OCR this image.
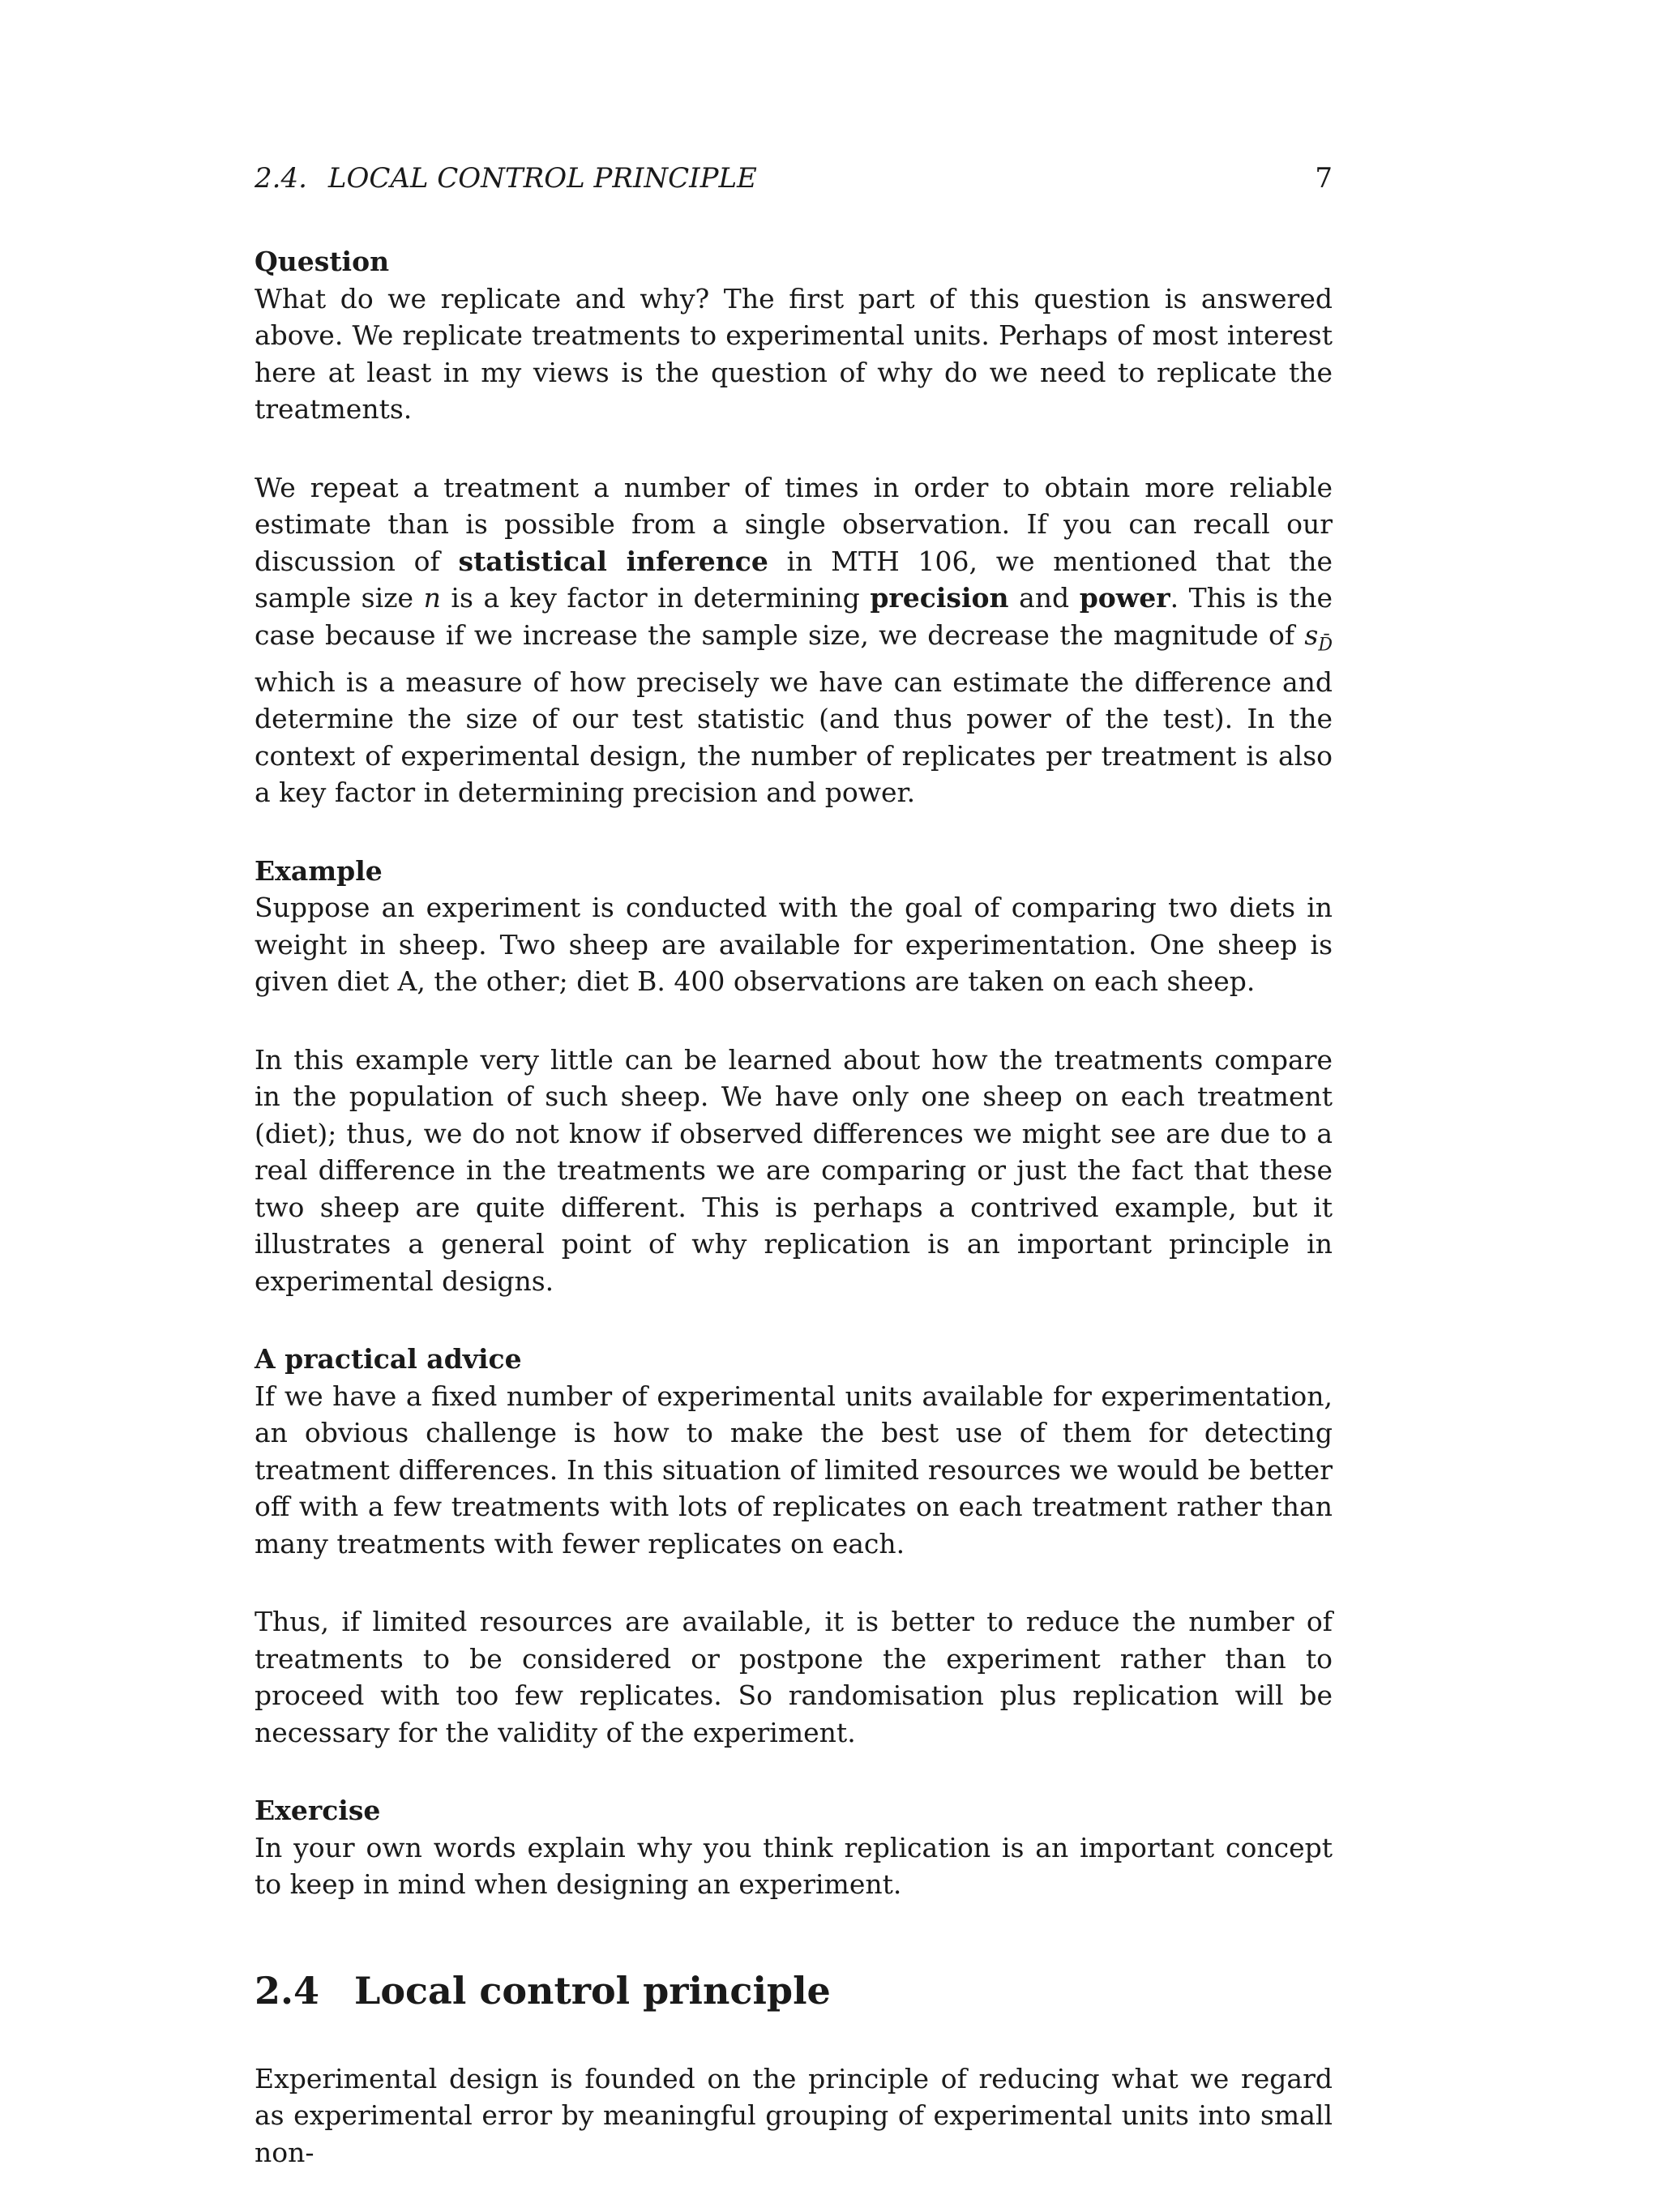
2.4. LOCAL CONTROL PRINCIPLE	7
Question

What do we replicate and why? The first part of this question is answered above. We replicate treatments to experimental units. Perhaps of most interest here at least in my views is the question of why do we need to replicate the treatments.

We repeat a treatment a number of times in order to obtain more reliable estimate than is possible from a single observation. If you can recall our discussion of statistical inference in MTH 106, we mentioned that the sample size n is a key factor in determining precision and power. This is the case because if we increase the sample size, we decrease the magnitude of $s_{D̄}$ which is a measure of how precisely we have can estimate the difference and determine the size of our test statistic (and thus power of the test). In the context of experimental design, the number of replicates per treatment is also a key factor in determining precision and power.

Example

Suppose an experiment is conducted with the goal of comparing two diets in weight in sheep. Two sheep are available for experimentation. One sheep is given diet A, the other; diet B. 400 observations are taken on each sheep.

In this example very little can be learned about how the treatments compare in the population of such sheep. We have only one sheep on each treatment (diet); thus, we do not know if observed differences we might see are due to a real difference in the treatments we are comparing or just the fact that these two sheep are quite different. This is perhaps a contrived example, but it illustrates a general point of why replication is an important principle in experimental designs.

A practical advice

If we have a fixed number of experimental units available for experimentation, an obvious challenge is how to make the best use of them for detecting treatment differences. In this situation of limited resources we would be better off with a few treatments with lots of replicates on each treatment rather than many treatments with fewer replicates on each.

Thus, if limited resources are available, it is better to reduce the number of treatments to be considered or postpone the experiment rather than to proceed with too few replicates. So randomisation plus replication will be necessary for the validity of the experiment.

Exercise

In your own words explain why you think replication is an important concept to keep in mind when designing an experiment.

2.4 Local control principle

Experimental design is founded on the principle of reducing what we regard as experimental error by meaningful grouping of experimental units into small non-
